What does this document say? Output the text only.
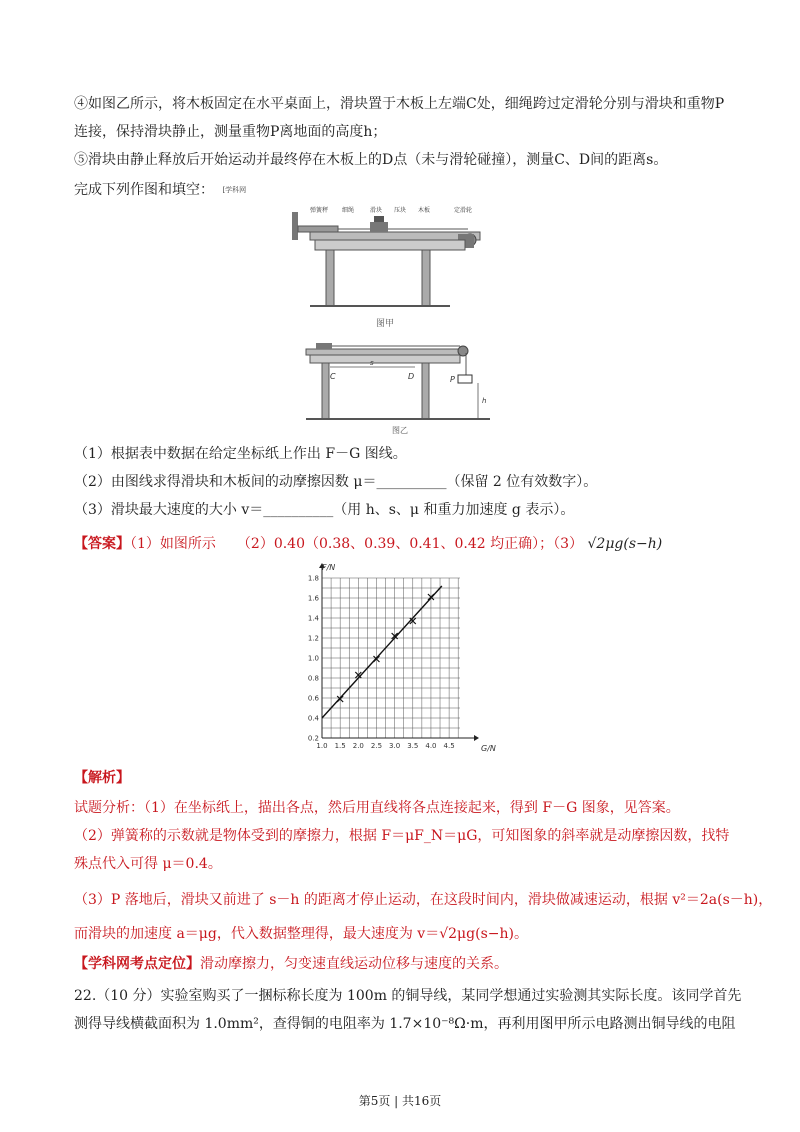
④如图乙所示，将木板固定在水平桌面上，滑块置于木板上左端C处，细绳跨过定滑轮分别与滑块和重物P
连接，保持滑块静止，测量重物P离地面的高度h；
⑤滑块由静止释放后开始运动并最终停在木板上的D点（未与滑轮碰撞），测量C、D间的距离s。
完成下列作图和填空： [学科网
弹簧秤 细绳	滑块	木板	定滑轮
压块
图甲
C	D
s
P
h
图乙
（1）根据表中数据在给定坐标纸上作出 F－G 图线。
（2）由图线求得滑块和木板间的动摩擦因数 μ＝__________（保留 2 位有效数字）。
（3）滑块最大速度的大小 v＝__________（用 h、s、μ 和重力加速度 g 表示）。
【答案】（1）如图所示　　（2）0.40（0.38、0.39、0.41、0.42 均正确）；（3） √2μg(s−h)
1.0 1.5 2.0 2.5 3.0 3.5 4.0 4.5
0.2
0.4
0.6
0.8
1.0
1.2
1.4
1.6
1.8
F/N
G/N
【解析】
试题分析：（1）在坐标纸上，描出各点，然后用直线将各点连接起来，得到 F－G 图象，见答案。
（2）弹簧称的示数就是物体受到的摩擦力，根据 F＝μF_N＝μG，可知图象的斜率就是动摩擦因数，找特
殊点代入可得 μ＝0.4。
（3）P 落地后，滑块又前进了 s－h 的距离才停止运动，在这段时间内，滑块做减速运动，根据 v²＝2a(s－h)，
而滑块的加速度 a＝μg，代入数据整理得，最大速度为 v＝√2μg(s−h)。
【学科网考点定位】滑动摩擦力，匀变速直线运动位移与速度的关系。
22.（10 分）实验室购买了一捆标称长度为 100m 的铜导线，某同学想通过实验测其实际长度。该同学首先
测得导线横截面积为 1.0mm²，查得铜的电阻率为 1.7×10⁻⁸Ω·m，再利用图甲所示电路测出铜导线的电阻
第5页 | 共16页
